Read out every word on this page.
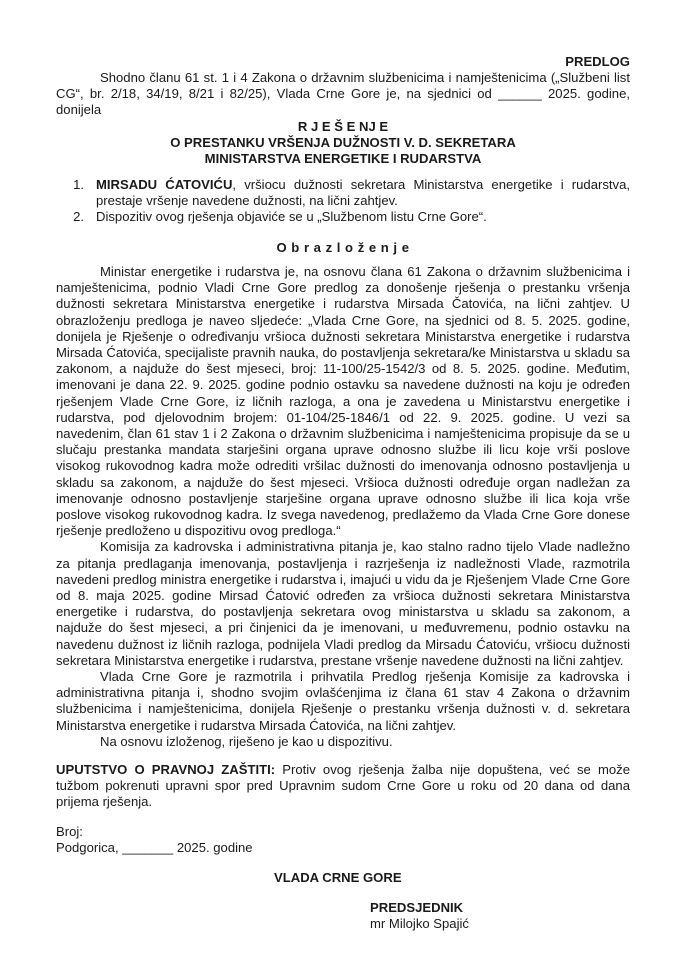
PREDLOG

Shodno članu 61 st. 1 i 4 Zakona o državnim službenicima i namještenicima („Službeni list CG“, br. 2/18, 34/19, 8/21 i 82/25), Vlada Crne Gore je, na sjednici od ______ 2025. godine, donijela

R J E Š E NJ E
O PRESTANKU VRŠENJA DUŽNOSTI V. D. SEKRETARA
MINISTARSTVA ENERGETIKE I RUDARSTVA

1. MIRSADU ĆATOVIĆU, vršiocu dužnosti sekretara Ministarstva energetike i rudarstva, prestaje vršenje navedene dužnosti, na lični zahtjev.

2. Dispozitiv ovog rješenja objaviće se u „Službenom listu Crne Gore“.

O b r a z l o ž e n j e

Ministar energetike i rudarstva je, na osnovu člana 61 Zakona o državnim službenicima i namještenicima, podnio Vladi Crne Gore predlog za donošenje rješenja o prestanku vršenja dužnosti sekretara Ministarstva energetike i rudarstva Mirsada Čatovića, na lični zahtjev. U obrazloženju predloga je naveo sljedeće: „Vlada Crne Gore, na sjednici od 8. 5. 2025. godine, donijela je Rješenje o određivanju vršioca dužnosti sekretara Ministarstva energetike i rudarstva Mirsada Ćatovića, specijaliste pravnih nauka, do postavljenja sekretara/ke Ministarstva u skladu sa zakonom, a najduže do šest mjeseci, broj: 11-100/25-1542/3 od 8. 5. 2025. godine. Međutim, imenovani je dana 22. 9. 2025. godine podnio ostavku sa navedene dužnosti na koju je određen rješenjem Vlade Crne Gore, iz ličnih razloga, a ona je zavedena u Ministarstvu energetike i rudarstva, pod djelovodnim brojem: 01-104/25-1846/1 od 22. 9. 2025. godine. U vezi sa navedenim, član 61 stav 1 i 2 Zakona o državnim službenicima i namještenicima propisuje da se u slučaju prestanka mandata starješini organa uprave odnosno službe ili licu koje vrši poslove visokog rukovodnog kadra može odrediti vršilac dužnosti do imenovanja odnosno postavljenja u skladu sa zakonom, a najduže do šest mjeseci. Vršioca dužnosti određuje organ nadležan za imenovanje odnosno postavljenje starješine organa uprave odnosno službe ili lica koja vrše poslove visokog rukovodnog kadra. Iz svega navedenog, predlažemo da Vlada Crne Gore donese rješenje predloženo u dispozitivu ovog predloga.“

Komisija za kadrovska i administrativna pitanja je, kao stalno radno tijelo Vlade nadležno za pitanja predlaganja imenovanja, postavljenja i razrješenja iz nadležnosti Vlade, razmotrila navedeni predlog ministra energetike i rudarstva i, imajući u vidu da je Rješenjem Vlade Crne Gore od 8. maja 2025. godine Mirsad Ćatović određen za vršioca dužnosti sekretara Ministarstva energetike i rudarstva, do postavljenja sekretara ovog ministarstva u skladu sa zakonom, a najduže do šest mjeseci, a pri činjenici da je imenovani, u međuvremenu, podnio ostavku na navedenu dužnost iz ličnih razloga, podnijela Vladi predlog da Mirsadu Ćatoviću, vršiocu dužnosti sekretara Ministarstva energetike i rudarstva, prestane vršenje navedene dužnosti na lični zahtjev.

Vlada Crne Gore je razmotrila i prihvatila Predlog rješenja Komisije za kadrovska i administrativna pitanja i, shodno svojim ovlašćenjima iz člana 61 stav 4 Zakona o državnim službenicima i namještenicima, donijela Rješenje o prestanku vršenja dužnosti v. d. sekretara Ministarstva energetike i rudarstva Mirsada Ćatovića, na lični zahtjev.

Na osnovu izloženog, riješeno je kao u dispozitivu.

UPUTSTVO O PRAVNOJ ZAŠTITI: Protiv ovog rješenja žalba nije dopuštena, već se može tužbom pokrenuti upravni spor pred Upravnim sudom Crne Gore u roku od 20 dana od dana prijema rješenja.

Broj:
Podgorica, _______ 2025. godine
VLADA CRNE GORE
PREDSJEDNIK
mr Milojko Spajić
